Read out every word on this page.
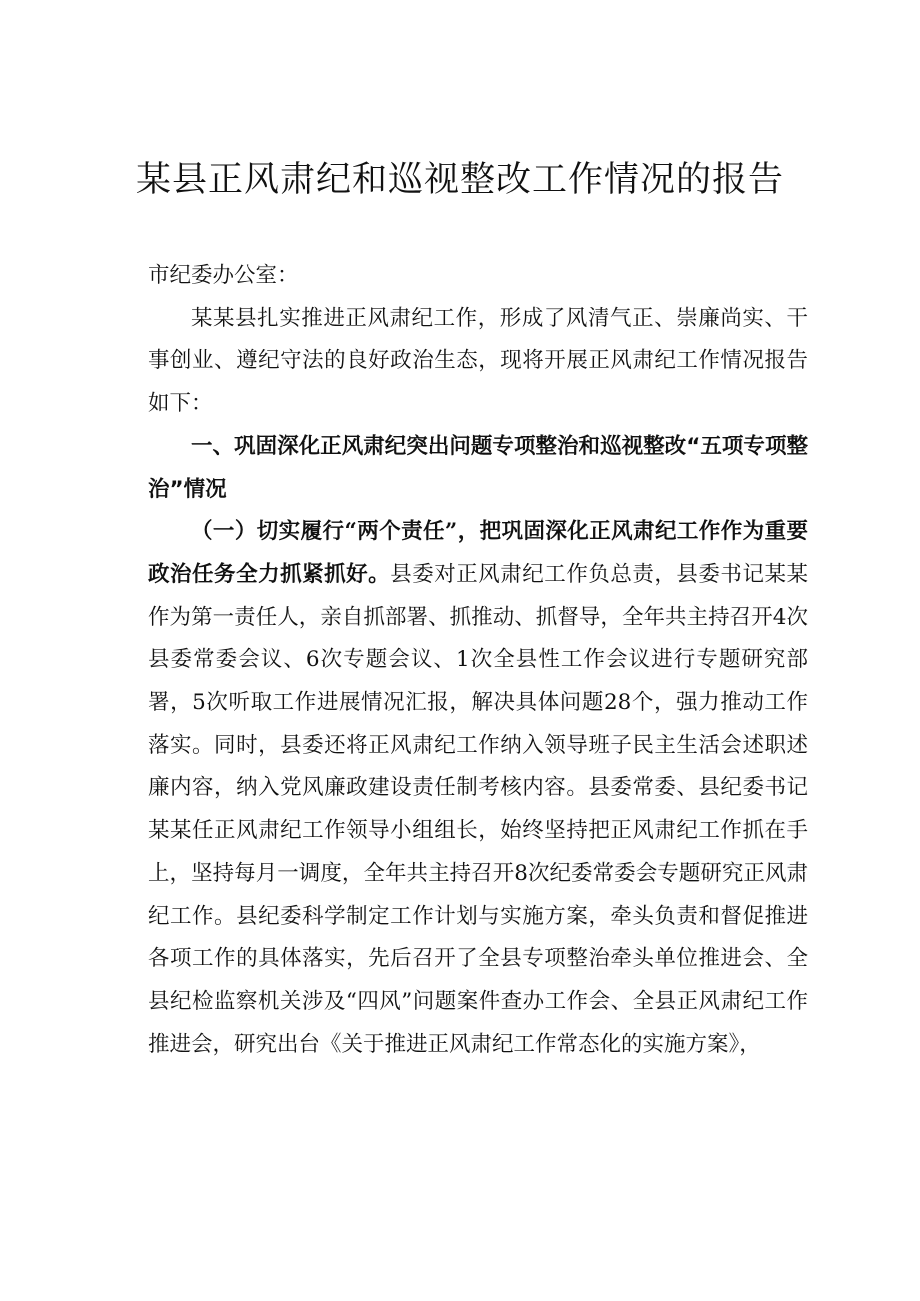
某县正风肃纪和巡视整改工作情况的报告

市纪委办公室：

某某县扎实推进正风肃纪工作，形成了风清气正、崇廉尚实、干事创业、遵纪守法的良好政治生态，现将开展正风肃纪工作情况报告如下：

一、巩固深化正风肃纪突出问题专项整治和巡视整改“五项专项整治”情况

（一）切实履行“两个责任”，把巩固深化正风肃纪工作作为重要政治任务全力抓紧抓好。县委对正风肃纪工作负总责，县委书记某某作为第一责任人，亲自抓部署、抓推动、抓督导，全年共主持召开4次县委常委会议、6次专题会议、1次全县性工作会议进行专题研究部署，5次听取工作进展情况汇报，解决具体问题28个，强力推动工作落实。同时，县委还将正风肃纪工作纳入领导班子民主生活会述职述廉内容，纳入党风廉政建设责任制考核内容。县委常委、县纪委书记某某任正风肃纪工作领导小组组长，始终坚持把正风肃纪工作抓在手上，坚持每月一调度，全年共主持召开8次纪委常委会专题研究正风肃纪工作。县纪委科学制定工作计划与实施方案，牵头负责和督促推进各项工作的具体落实，先后召开了全县专项整治牵头单位推进会、全县纪检监察机关涉及“四风”问题案件查办工作会、全县正风肃纪工作推进会，研究出台《关于推进正风肃纪工作常态化的实施方案》，
